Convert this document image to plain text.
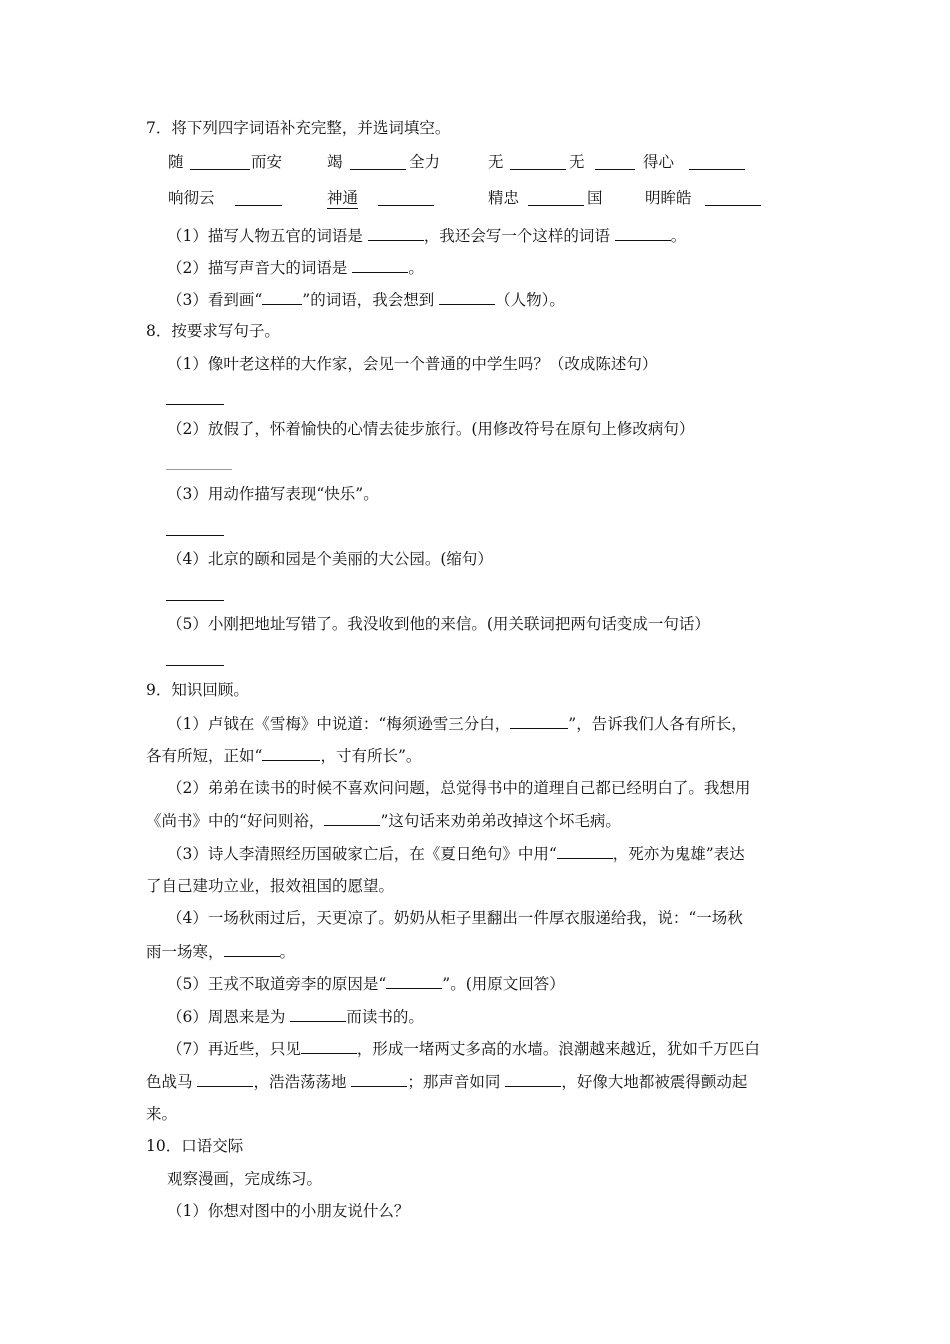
7．将下列四字词语补充完整，并选词填空。
随	而安	竭	全力	无	无	得心
响彻云	神通	精忠	国	明眸皓
（1）描写人物五官的词语是	，我还会写一个这样的词语	。
（2）描写声音大的词语是	。
（3）看到画“	”的词语，我会想到	（人物）。
8．按要求写句子。
（1）像叶老这样的大作家，会见一个普通的中学生吗？（改成陈述句）
（2）放假了，怀着愉快的心情去徒步旅行。(用修改符号在原句上修改病句）
（3）用动作描写表现“快乐”。
（4）北京的颐和园是个美丽的大公园。(缩句）
（5）小刚把地址写错了。我没收到他的来信。(用关联词把两句话变成一句话）
9．知识回顾。
（1）卢钺在《雪梅》中说道：“梅须逊雪三分白，	”，告诉我们人各有所长，
各有所短，正如“	，寸有所长”。
（2）弟弟在读书的时候不喜欢问问题，总觉得书中的道理自己都已经明白了。我想用
《尚书》中的“好问则裕，	”这句话来劝弟弟改掉这个坏毛病。
（3）诗人李清照经历国破家亡后，在《夏日绝句》中用“	，死亦为鬼雄”表达
了自己建功立业，报效祖国的愿望。
（4）一场秋雨过后，天更凉了。奶奶从柜子里翻出一件厚衣服递给我，说：“一场秋
雨一场寒，	。
（5）王戎不取道旁李的原因是“	”。(用原文回答）
（6）周恩来是为	而读书的。
（7）再近些，只见	，形成一堵两丈多高的水墙。浪潮越来越近，犹如千万匹白
色战马	，浩浩荡荡地	；那声音如同	，好像大地都被震得颤动起
来。
10．口语交际
观察漫画，完成练习。
（1）你想对图中的小朋友说什么？
